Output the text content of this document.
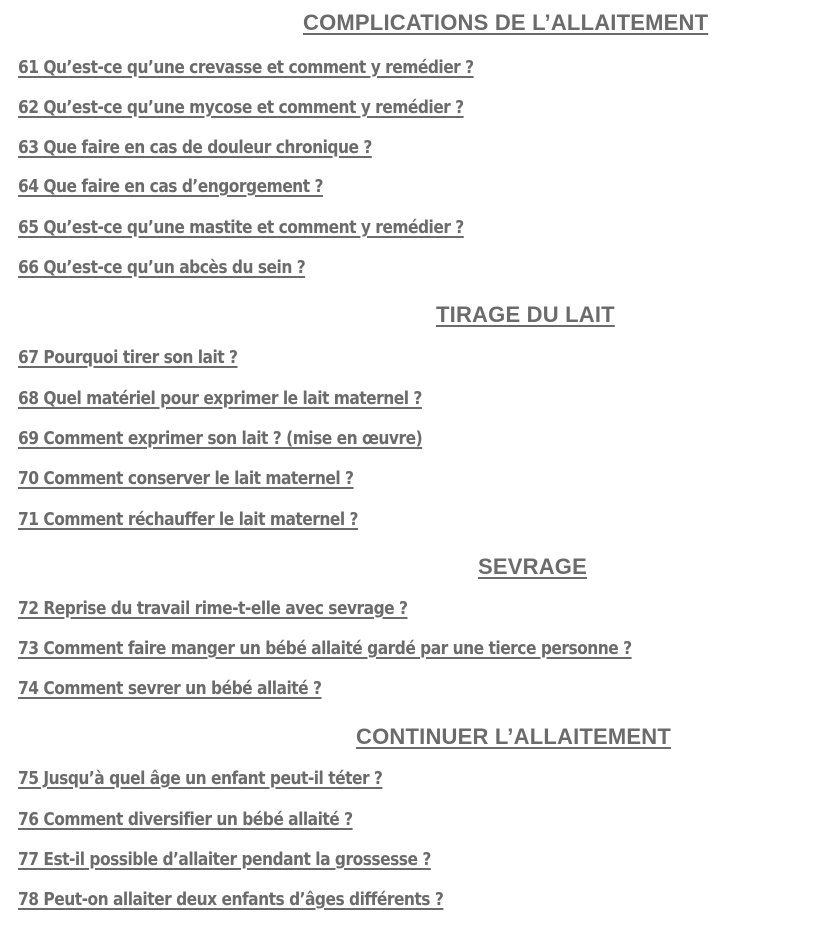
COMPLICATIONS DE L’ALLAITEMENT
61 Qu’est-ce qu’une crevasse et comment y remédier ?
62 Qu’est-ce qu’une mycose et comment y remédier ?
63 Que faire en cas de douleur chronique ?
64 Que faire en cas d’engorgement ?
65 Qu’est-ce qu’une mastite et comment y remédier ?
66 Qu’est-ce qu’un abcès du sein ?
TIRAGE DU LAIT
67 Pourquoi tirer son lait ?
68 Quel matériel pour exprimer le lait maternel ?
69 Comment exprimer son lait ? (mise en œuvre)
70 Comment conserver le lait maternel ?
71 Comment réchauffer le lait maternel ?
SEVRAGE
72 Reprise du travail rime-t-elle avec sevrage ?
73 Comment faire manger un bébé allaité gardé par une tierce personne ?
74 Comment sevrer un bébé allaité ?
CONTINUER L’ALLAITEMENT
75 Jusqu’à quel âge un enfant peut-il téter ?
76 Comment diversifier un bébé allaité ?
77 Est-il possible d’allaiter pendant la grossesse ?
78 Peut-on allaiter deux enfants d’âges différents ?
